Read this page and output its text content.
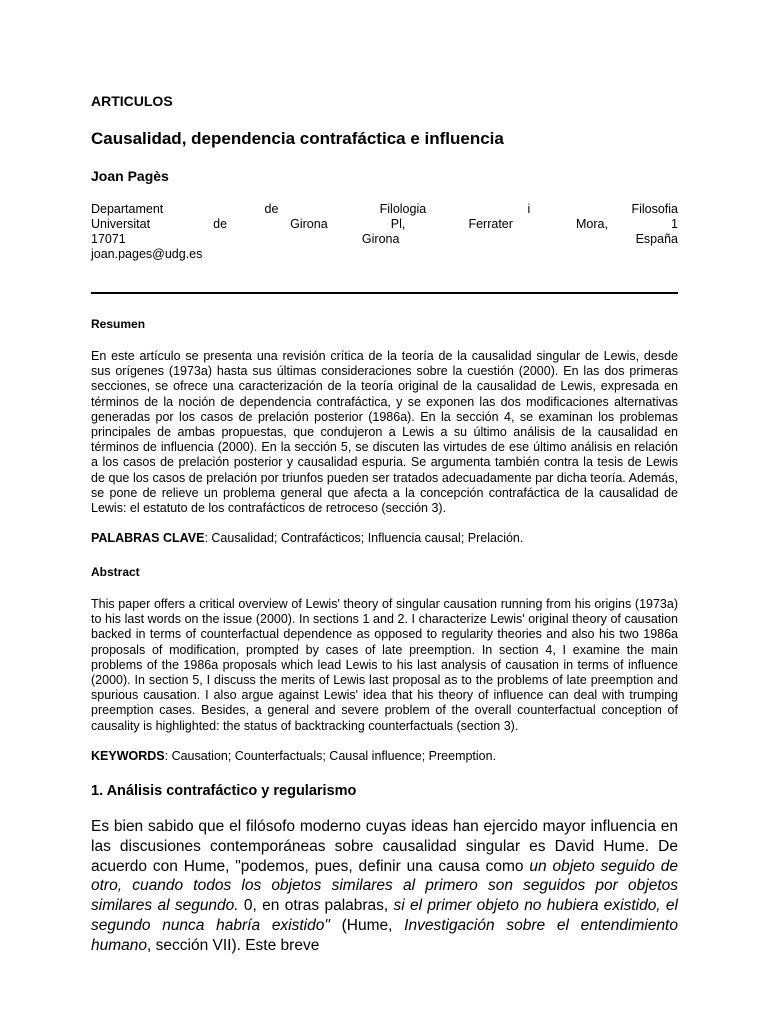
ARTICULOS
Causalidad, dependencia contrafáctica e influencia
Joan Pagès
Departament	de	Filologia	i	Filosofia
Universitat	de	Girona	Pl,	Ferrater	Mora,	1
17071	Girona	España
joan.pages@udg.es
Resumen
En este artículo se presenta una revisión crítica de la teoría de la causalidad singular de Lewis, desde sus orígenes (1973a) hasta sus últimas consideraciones sobre la cuestión (2000). En las dos primeras secciones, se ofrece una caracterización de la teoría original de la causalidad de Lewis, expresada en términos de la noción de dependencia contrafáctica, y se exponen las dos modificaciones alternativas generadas por los casos de prelación posterior (1986a). En la sección 4, se examinan los problemas principales de ambas propuestas, que condujeron a Lewis a su último análisis de la causalidad en términos de influencia (2000). En la sección 5, se discuten las virtudes de ese último análisis en relación a los casos de prelación posterior y causalidad espuria. Se argumenta también contra la tesis de Lewis de que los casos de prelación por triunfos pueden ser tratados adecuadamente par dicha teoría. Además, se pone de relieve un problema general que afecta a la concepción contrafáctica de la causalidad de Lewis: el estatuto de los contrafácticos de retroceso (sección 3).
PALABRAS CLAVE: Causalidad; Contrafácticos; Influencia causal; Prelación.
Abstract
This paper offers a critical overview of Lewis' theory of singular causation running from his origins (1973a) to his last words on the issue (2000). In sections 1 and 2. I characterize Lewis' original theory of causation backed in terms of counterfactual dependence as opposed to regularity theories and also his two 1986a proposals of modification, prompted by cases of late preemption. In section 4, I examine the main problems of the 1986a proposals which lead Lewis to his last analysis of causation in terms of influence (2000). In section 5, I discuss the merits of Lewis last proposal as to the problems of late preemption and spurious causation. I also argue against Lewis' idea that his theory of influence can deal with trumping preemption cases. Besides, a general and severe problem of the overall counterfactual conception of causality is highlighted: the status of backtracking counterfactuals (section 3).
KEYWORDS: Causation; Counterfactuals; Causal influence; Preemption.
1. Análisis contrafáctico y regularismo
Es bien sabido que el filósofo moderno cuyas ideas han ejercido mayor influencia en las discusiones contemporáneas sobre causalidad singular es David Hume. De acuerdo con Hume, "podemos, pues, definir una causa como un objeto seguido de otro, cuando todos los objetos similares al primero son seguidos por objetos similares al segundo. 0, en otras palabras, si el primer objeto no hubiera existido, el segundo nunca habría existido" (Hume, Investigación sobre el entendimiento humano, sección VII). Este breve
